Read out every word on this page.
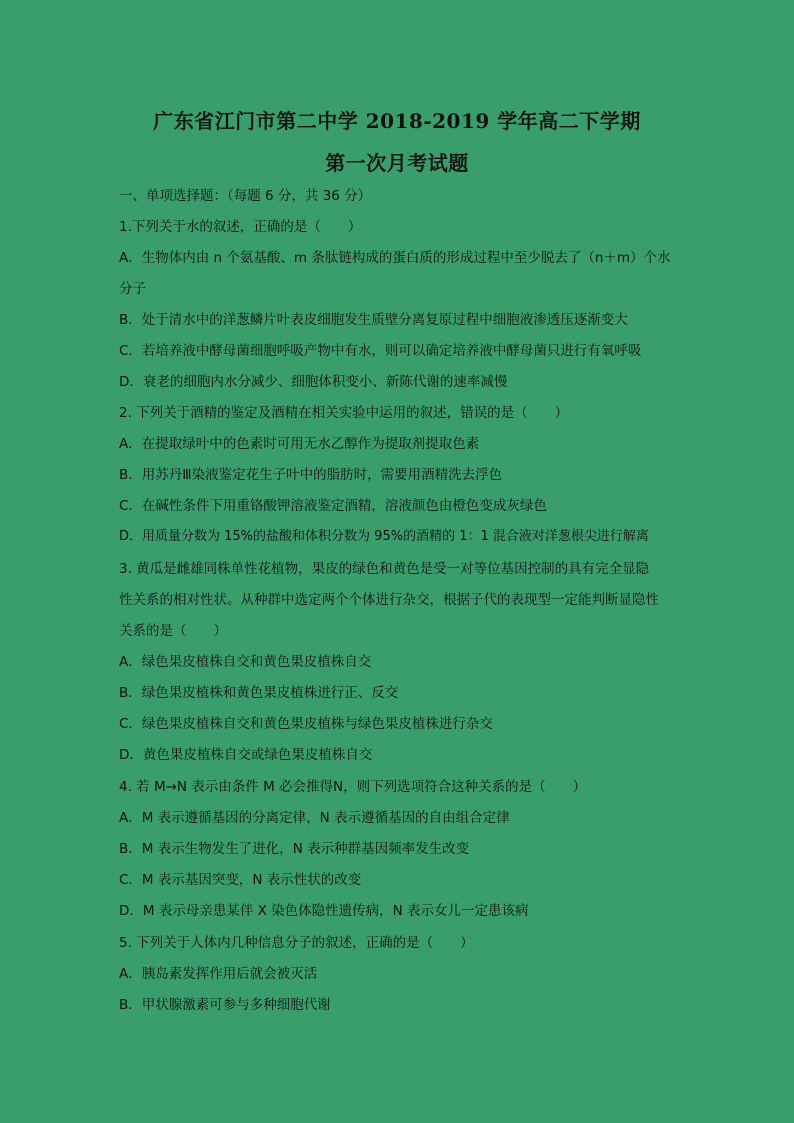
广东省江门市第二中学 2018-2019 学年高二下学期
第一次月考试题
一、单项选择题：（每题 6 分，共 36 分）
1.下列关于水的叙述，正确的是（　　）
A．生物体内由 n 个氨基酸、m 条肽链构成的蛋白质的形成过程中至少脱去了（n＋m）个水
分子
B．处于清水中的洋葱鳞片叶表皮细胞发生质壁分离复原过程中细胞液渗透压逐渐变大
C．若培养液中酵母菌细胞呼吸产物中有水，则可以确定培养液中酵母菌只进行有氧呼吸
D．衰老的细胞内水分减少、细胞体积变小、新陈代谢的速率减慢
2. 下列关于酒精的鉴定及酒精在相关实验中运用的叙述，错误的是（　　）
A．在提取绿叶中的色素时可用无水乙醇作为提取剂提取色素
B．用苏丹Ⅲ染液鉴定花生子叶中的脂肪时，需要用酒精洗去浮色
C．在碱性条件下用重铬酸钾溶液鉴定酒精，溶液颜色由橙色变成灰绿色
D．用质量分数为 15%的盐酸和体积分数为 95%的酒精的 1：1 混合液对洋葱根尖进行解离
3. 黄瓜是雌雄同株单性花植物，果皮的绿色和黄色是受一对等位基因控制的具有完全显隐
性关系的相对性状。从种群中选定两个个体进行杂交，根据子代的表现型一定能判断显隐性
关系的是（　　）
A．绿色果皮植株自交和黄色果皮植株自交
B．绿色果皮植株和黄色果皮植株进行正、反交
C．绿色果皮植株自交和黄色果皮植株与绿色果皮植株进行杂交
D．黄色果皮植株自交或绿色果皮植株自交
4. 若 M→N 表示由条件 M 必会推得N，则下列选项符合这种关系的是（　　）
A．M 表示遵循基因的分离定律，N 表示遵循基因的自由组合定律
B．M 表示生物发生了进化，N 表示种群基因频率发生改变
C．M 表示基因突变，N 表示性状的改变
D．M 表示母亲患某伴 X 染色体隐性遗传病，N 表示女儿一定患该病
5. 下列关于人体内几种信息分子的叙述，正确的是（　　）
A．胰岛素发挥作用后就会被灭活
B．甲状腺激素可参与多种细胞代谢
